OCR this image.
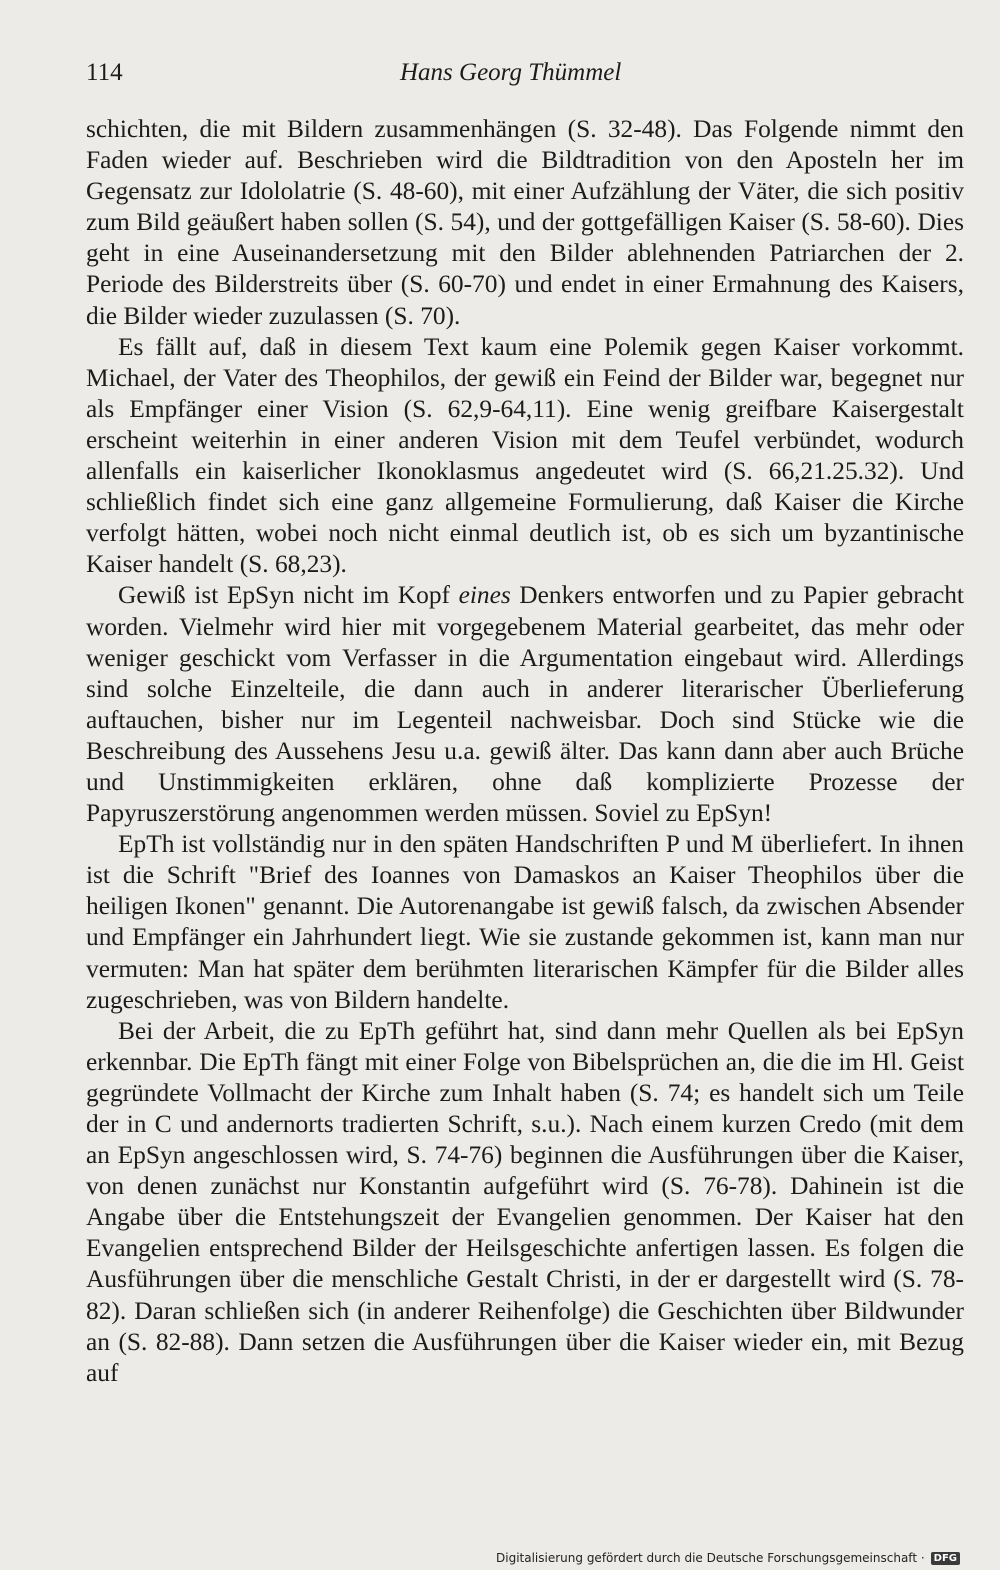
114	Hans Georg Thümmel

schichten, die mit Bildern zusammenhängen (S. 32-48). Das Folgende nimmt den Faden wieder auf. Beschrieben wird die Bildtradition von den Aposteln her im Gegensatz zur Idololatrie (S. 48-60), mit einer Aufzählung der Väter, die sich positiv zum Bild geäußert haben sollen (S. 54), und der gottgefälligen Kaiser (S. 58-60). Dies geht in eine Auseinandersetzung mit den Bilder ablehnenden Patriarchen der 2. Periode des Bilderstreits über (S. 60-70) und endet in einer Ermahnung des Kaisers, die Bilder wieder zuzulassen (S. 70).

Es fällt auf, daß in diesem Text kaum eine Polemik gegen Kaiser vorkommt. Michael, der Vater des Theophilos, der gewiß ein Feind der Bilder war, begegnet nur als Empfänger einer Vision (S. 62,9-64,11). Eine wenig greifbare Kaisergestalt erscheint weiterhin in einer anderen Vision mit dem Teufel verbündet, wodurch allenfalls ein kaiserlicher Ikonoklasmus angedeutet wird (S. 66,21.25.32). Und schließlich findet sich eine ganz allgemeine Formulierung, daß Kaiser die Kirche verfolgt hätten, wobei noch nicht einmal deutlich ist, ob es sich um byzantinische Kaiser handelt (S. 68,23).

Gewiß ist EpSyn nicht im Kopf eines Denkers entworfen und zu Papier gebracht worden. Vielmehr wird hier mit vorgegebenem Material gearbeitet, das mehr oder weniger geschickt vom Verfasser in die Argumentation eingebaut wird. Allerdings sind solche Einzelteile, die dann auch in anderer literarischer Überlieferung auftauchen, bisher nur im Legenteil nachweisbar. Doch sind Stücke wie die Beschreibung des Aussehens Jesu u.a. gewiß älter. Das kann dann aber auch Brüche und Unstimmigkeiten erklären, ohne daß komplizierte Prozesse der Papyruszerstörung angenommen werden müssen. Soviel zu EpSyn!

EpTh ist vollständig nur in den späten Handschriften P und M überliefert. In ihnen ist die Schrift "Brief des Ioannes von Damaskos an Kaiser Theophilos über die heiligen Ikonen" genannt. Die Autorenangabe ist gewiß falsch, da zwischen Absender und Empfänger ein Jahrhundert liegt. Wie sie zustande gekommen ist, kann man nur vermuten: Man hat später dem berühmten literarischen Kämpfer für die Bilder alles zugeschrieben, was von Bildern handelte.

Bei der Arbeit, die zu EpTh geführt hat, sind dann mehr Quellen als bei EpSyn erkennbar. Die EpTh fängt mit einer Folge von Bibelsprüchen an, die die im Hl. Geist gegründete Vollmacht der Kirche zum Inhalt haben (S. 74; es handelt sich um Teile der in C und andernorts tradierten Schrift, s.u.). Nach einem kurzen Credo (mit dem an EpSyn angeschlossen wird, S. 74-76) beginnen die Ausführungen über die Kaiser, von denen zunächst nur Konstantin aufgeführt wird (S. 76-78). Dahinein ist die Angabe über die Entstehungszeit der Evangelien genommen. Der Kaiser hat den Evangelien entsprechend Bilder der Heilsgeschichte anfertigen lassen. Es folgen die Ausführungen über die menschliche Gestalt Christi, in der er dargestellt wird (S. 78-82). Daran schließen sich (in anderer Reihenfolge) die Geschichten über Bildwunder an (S. 82-88). Dann setzen die Ausführungen über die Kaiser wieder ein, mit Bezug auf

Digitalisierung gefördert durch die Deutsche Forschungsgemeinschaft · DFG
